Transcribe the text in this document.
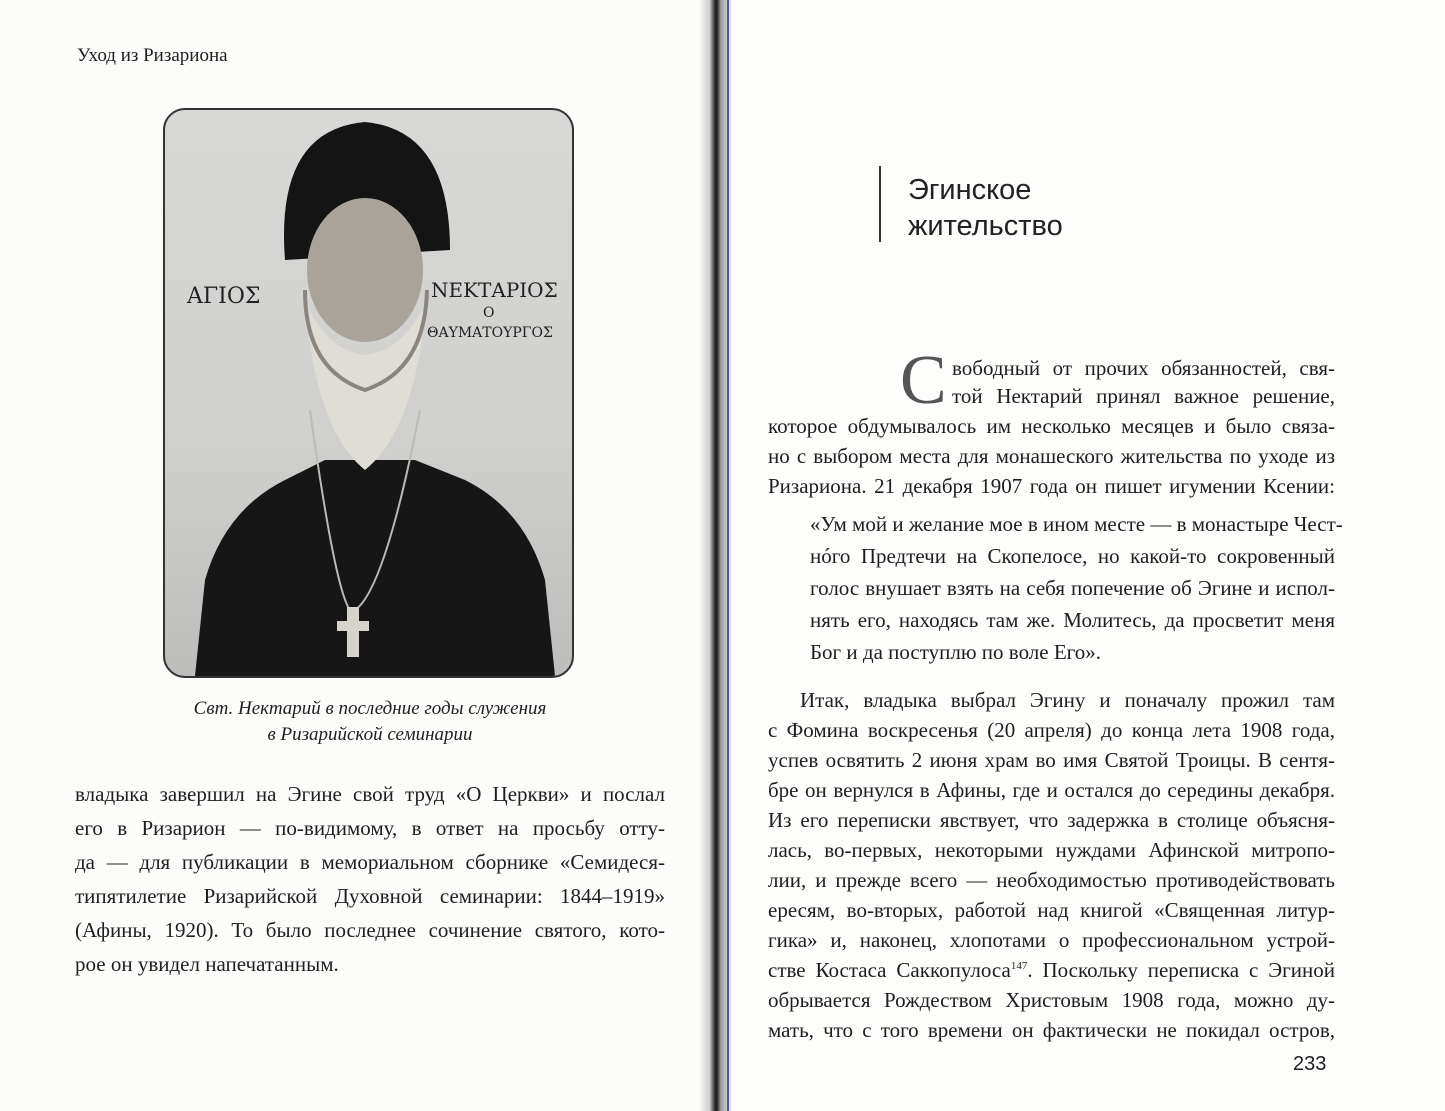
Уход из Ризариона
ΑΓΙΟΣ	ΝΕΚΤΑΡΙΟΣ
Ο
ΘΑΥΜΑΤΟΥΡΓΟΣ
Свт. Нектарий в последние годы служения
в Ризарийской семинарии
владыка завершил на Эгине свой труд «О Церкви» и послал
его в Ризарион — по-видимому, в ответ на просьбу отту-
да — для публикации в мемориальном сборнике «Семидеся-
типятилетие Ризарийской Духовной семинарии: 1844–1919»
(Афины, 1920). То было последнее сочинение святого, кото-
рое он увидел напечатанным.
Эгинское
жительство
С вободный от прочих обязанностей, свя-
той Нектарий принял важное решение,
которое обдумывалось им несколько месяцев и было связа-
но с выбором места для монашеского жительства по уходе из
Ризариона. 21 декабря 1907 года он пишет игумении Ксении:
«Ум мой и желание мое в ином месте — в монастыре Чест-
нóго Предтечи на Скопелосе, но какой-то сокровенный
голос внушает взять на себя попечение об Эгине и испол-
нять его, находясь там же. Молитесь, да просветит меня
Бог и да поступлю по воле Его».
Итак, владыка выбрал Эгину и поначалу прожил там
с Фомина воскресенья (20 апреля) до конца лета 1908 года,
успев освятить 2 июня храм во имя Святой Троицы. В сентя-
бре он вернулся в Афины, где и остался до середины декабря.
Из его переписки явствует, что задержка в столице объясня-
лась, во-первых, некоторыми нуждами Афинской митропо-
лии, и прежде всего — необходимостью противодействовать
ересям, во-вторых, работой над книгой «Священная литур-
гика» и, наконец, хлопотами о профессиональном устрой-
стве Костаса Саккопулоса$^{147}$. Поскольку переписка с Эгиной
обрывается Рождеством Христовым 1908 года, можно ду-
мать, что с того времени он фактически не покидал остров,
233
